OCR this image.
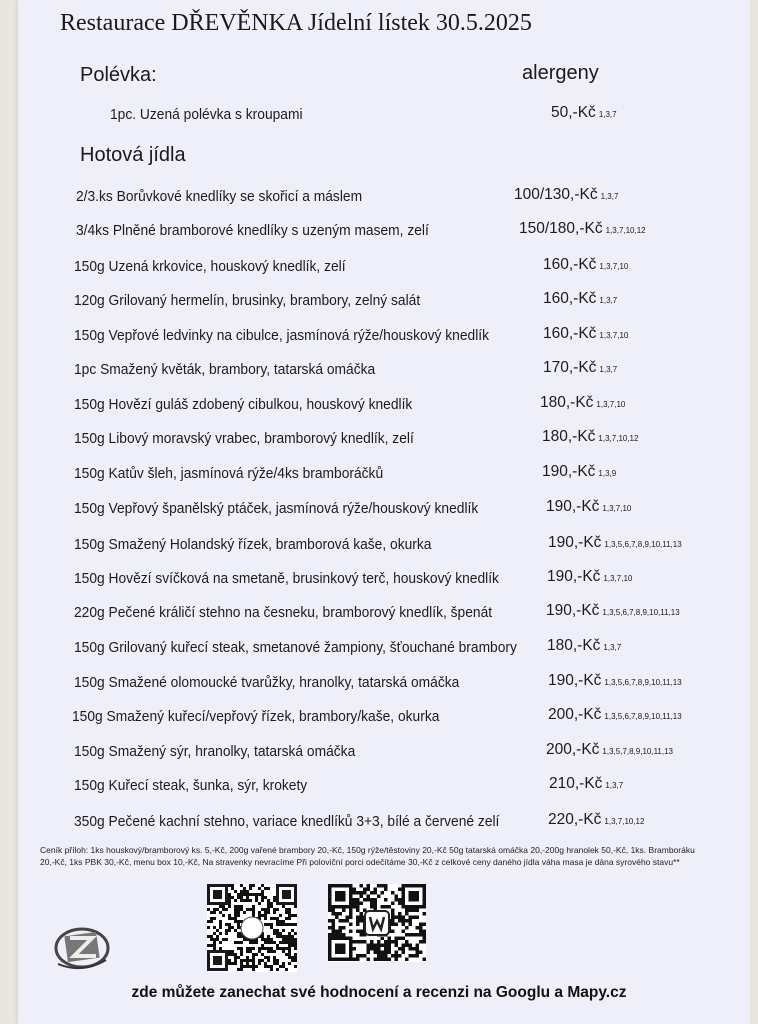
Restaurace DŘEVĚNKA Jídelní lístek 30.5.2025
Polévka:	alergeny
1pc. Uzená polévka s kroupami	50,-Kč 1,3,7
Hotová jídla
2/3.ks Borůvkové knedlíky se skořicí a máslem	100/130,-Kč 1,3,7
3/4ks Plněné bramborové knedlíky s uzeným masem, zelí	150/180,-Kč 1,3,7,10,12
150g Uzená krkovice, houskový knedlík, zelí	160,-Kč 1,3,7,10
120g Grilovaný hermelín, brusinky, brambory, zelný salát	160,-Kč 1,3,7
150g Vepřové ledvinky na cibulce, jasmínová rýže/houskový knedlík	160,-Kč 1,3,7,10
1pc Smažený květák, brambory, tatarská omáčka	170,-Kč 1,3,7
150g Hovězí guláš zdobený cibulkou, houskový knedlík	180,-Kč 1,3,7,10
150g Libový moravský vrabec, bramborový knedlík, zelí	180,-Kč 1,3,7,10,12
150g Katův šleh, jasmínová rýže/4ks bramboráčků	190,-Kč 1,3,9
150g Vepřový španělský ptáček, jasmínová rýže/houskový knedlík	190,-Kč 1,3,7,10
150g Smažený Holandský řízek, bramborová kaše, okurka	190,-Kč 1,3,5,6,7,8,9,10,11,13
150g Hovězí svíčková na smetaně, brusinkový terč, houskový knedlík	190,-Kč 1,3,7,10
220g Pečené králičí stehno na česneku, bramborový knedlík, špenát	190,-Kč 1,3,5,6,7,8,9,10,11,13
150g Grilovaný kuřecí steak, smetanové žampiony, šťouchané brambory 180,-Kč 1,3,7
150g Smažené olomoucké tvarůžky, hranolky, tatarská omáčka	190,-Kč 1,3,5,6,7,8,9,10,11,13
150g Smažený kuřecí/vepřový řízek, brambory/kaše, okurka	200,-Kč 1,3,5,6,7,8,9,10,11,13
150g Smažený sýr, hranolky, tatarská omáčka	200,-Kč 1,3,5,7,8,9,10,11,13
150g Kuřecí steak, šunka, sýr, krokety	210,-Kč 1,3,7
350g Pečené kachní stehno, variace knedlíků 3+3, bílé a červené zelí	220,-Kč 1,3,7,10,12
Ceník příloh: 1ks houskový/bramborový ks. 5,-Kč, 200g vařené brambory 20,-Kč, 150g rýže/těstoviny 20,-Kč 50g tatarská omáčka 20,-200g hranolek 50,-Kč, 1ks. Bramboráku
20,-Kč, 1ks PBK 30,-Kč, menu box 10,-Kč, Na stravenky nevracíme Při poloviční porci odečítáme 30,-Kč z celkové ceny daného jídla váha masa je dána syrového stavu**
zde můžete zanechat své hodnocení a recenzi na Googlu a Mapy.cz
